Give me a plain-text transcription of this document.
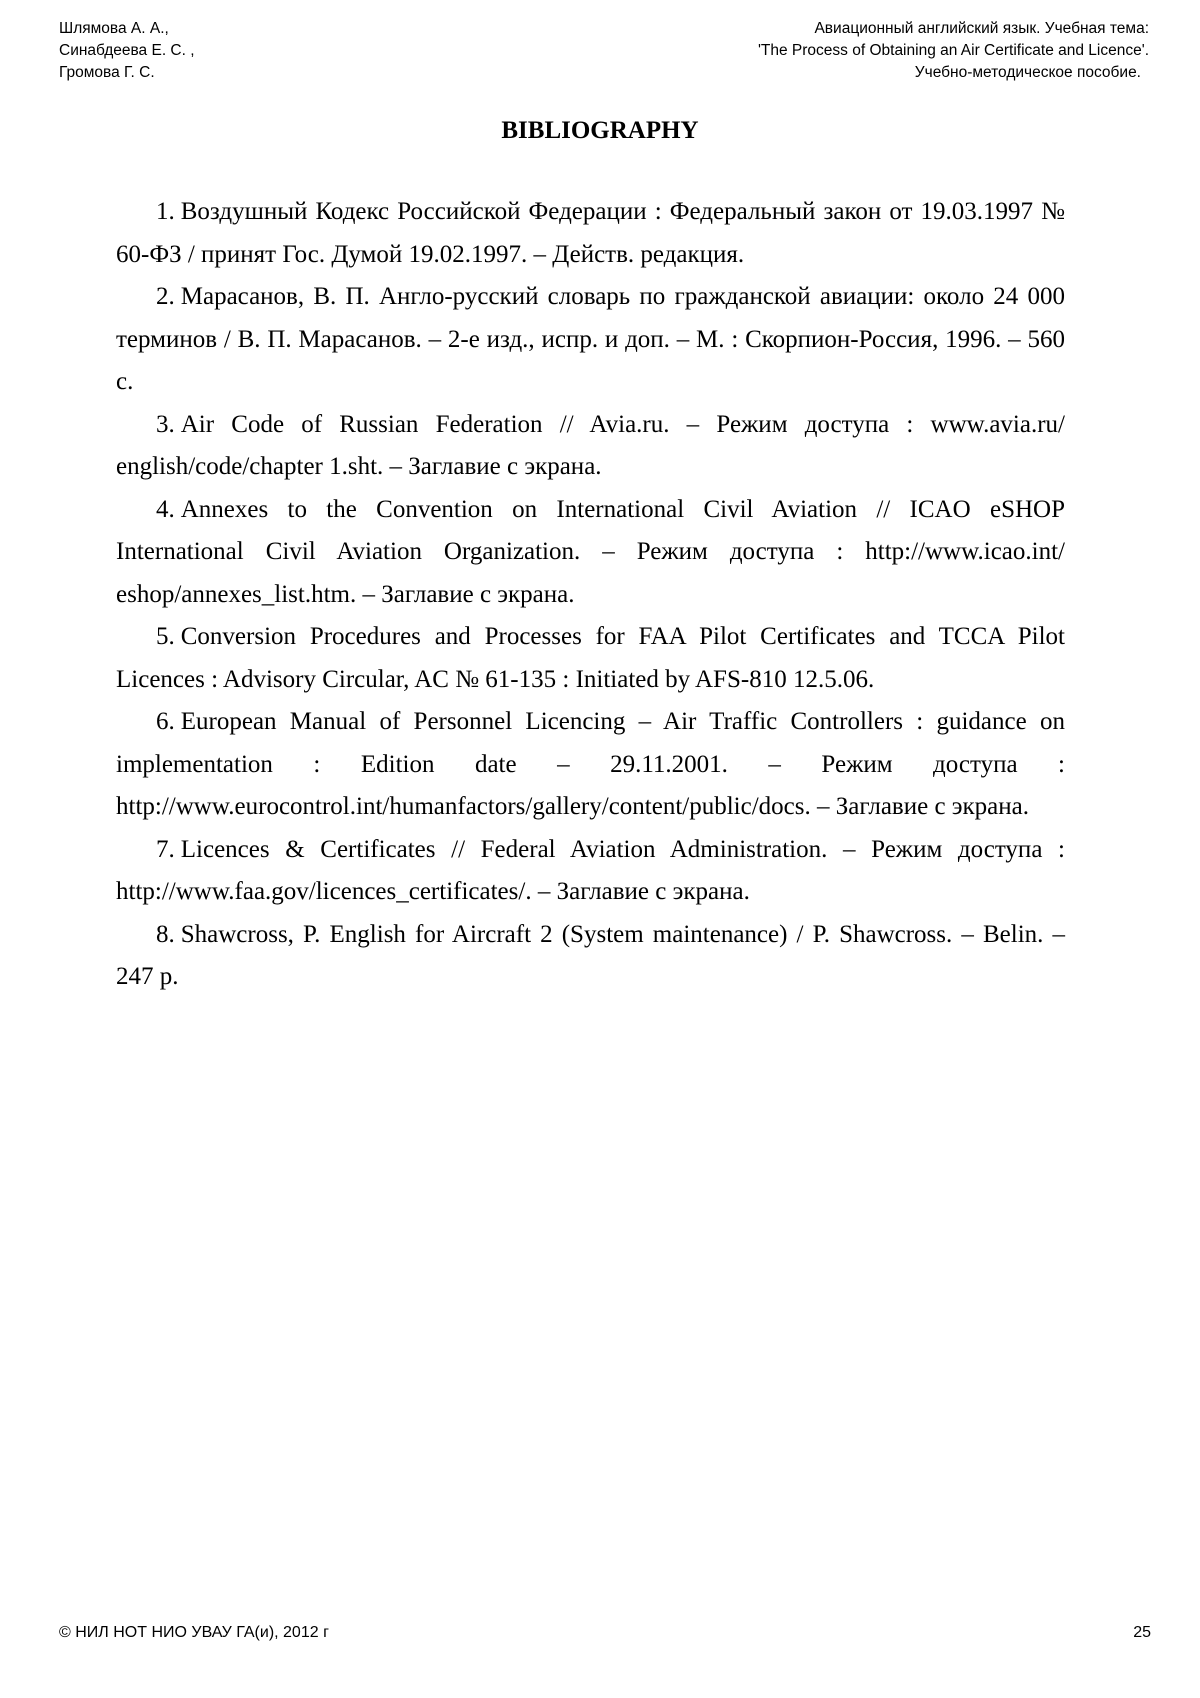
Шлямова А. А.,
Синабдеева Е. С. ,
Громова Г. С.
Авиационный английский язык. Учебная тема:
'The Process of Obtaining an Air Certificate and Licence'.
Учебно-методическое пособие.
BIBLIOGRAPHY

1. Воздушный Кодекс Российской Федерации : Федеральный закон от 19.03.1997 № 60-ФЗ / принят Гос. Думой 19.02.1997. – Действ. редакция.

2. Марасанов, В. П. Англо-русский словарь по гражданской авиации: около 24 000 терминов / В. П. Марасанов. – 2-е изд., испр. и доп. – М. : Скорпион-Россия, 1996. – 560 с.

3. Air Code of Russian Federation // Avia.ru. – Режим доступа : www.avia.ru/ english/code/chapter 1.sht. – Заглавие с экрана.

4. Annexes to the Convention on International Civil Aviation // ICAO eSHOP International Civil Aviation Organization. – Режим доступа : http://www.icao.int/ eshop/annexes_list.htm. – Заглавие с экрана.

5. Conversion Procedures and Processes for FAA Pilot Certificates and TCCA Pilot Licences : Advisory Circular, AC № 61-135 : Initiated by AFS-810 12.5.06.

6. European Manual of Personnel Licencing – Air Traffic Controllers : guidance on implementation : Edition date – 29.11.2001. – Режим доступа : http://www.eurocontrol.int/humanfactors/gallery/content/public/docs. – Заглавие с экрана.

7. Licences & Certificates // Federal Aviation Administration. – Режим доступа : http://www.faa.gov/licences_certificates/. – Заглавие с экрана.

8. Shawcross, P. English for Aircraft 2 (System maintenance) / P. Shawcross. – Belin. –247 p.

© НИЛ НОТ НИО УВАУ ГА(и), 2012 г	25
